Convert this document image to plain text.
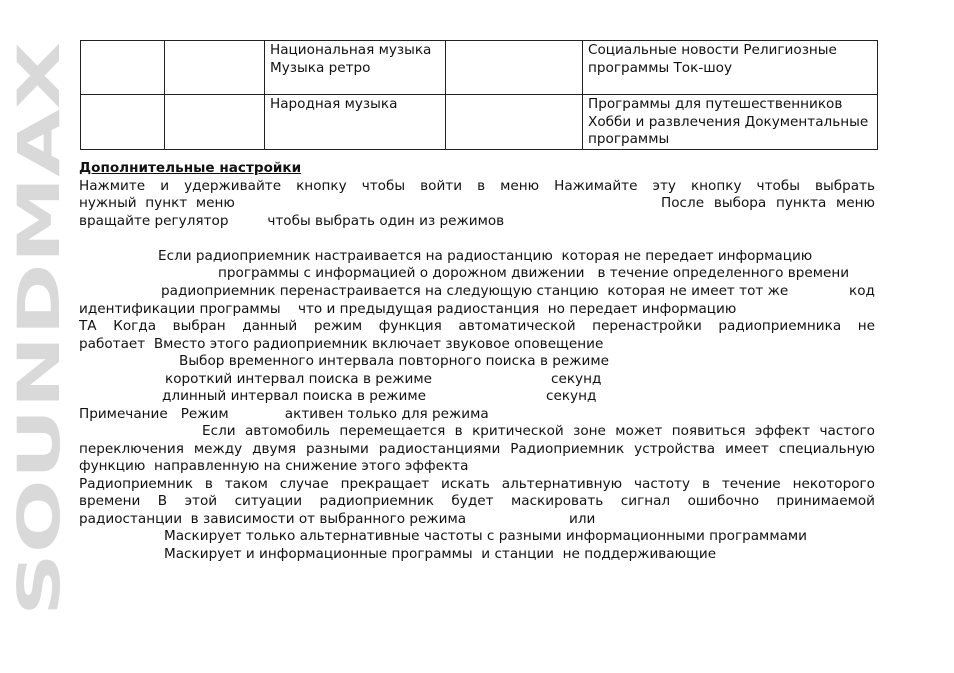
SOUNDMAX
		Национальная музыка Музыка ретро		Социальные новости Религиозные программы Ток-шоу
		Народная музыка		Программы для путешественников Хобби и развлечения Документальные программы
Дополнительные настройки
Нажмите и удерживайте кнопку чтобы войти в меню Нажимайте эту кнопку чтобы выбрать
нужный  пункт  меню	После выбора пункта меню
вращайте регулятор         чтобы выбрать один из режимов
Если радиоприемник настраивается на радиостанцию  которая не передает информацию
программы с информацией о дорожном движении   в течение определенного времени
радиоприемник перенастраивается на следующую станцию  которая не имеет тот же	код
идентификации программы    что и предыдущая радиостанция  но передает информацию
ТА Когда выбран данный режим функция автоматической перенастройки радиоприемника не
работает  Вместо этого радиоприемник включает звуковое оповещение
Выбор временного интервала повторного поиска в режиме
короткий интервал поиска в режиме	секунд
длинный интервал поиска в режиме	секунд
Примечание   Режим             активен только для режима
Если автомобиль перемещается в критической зоне может появиться эффект частого
переключения между двумя разными радиостанциями Радиоприемник устройства имеет специальную
функцию  направленную на снижение этого эффекта
Радиоприемник в таком случае прекращает искать альтернативную частоту в течение некоторого
времени В этой ситуации радиоприемник будет маскировать сигнал ошибочно принимаемой
радиостанции  в зависимости от выбранного режима	или
Маскирует только альтернативные частоты с разными информационными программами
Маскирует и информационные программы  и станции  не поддерживающие
